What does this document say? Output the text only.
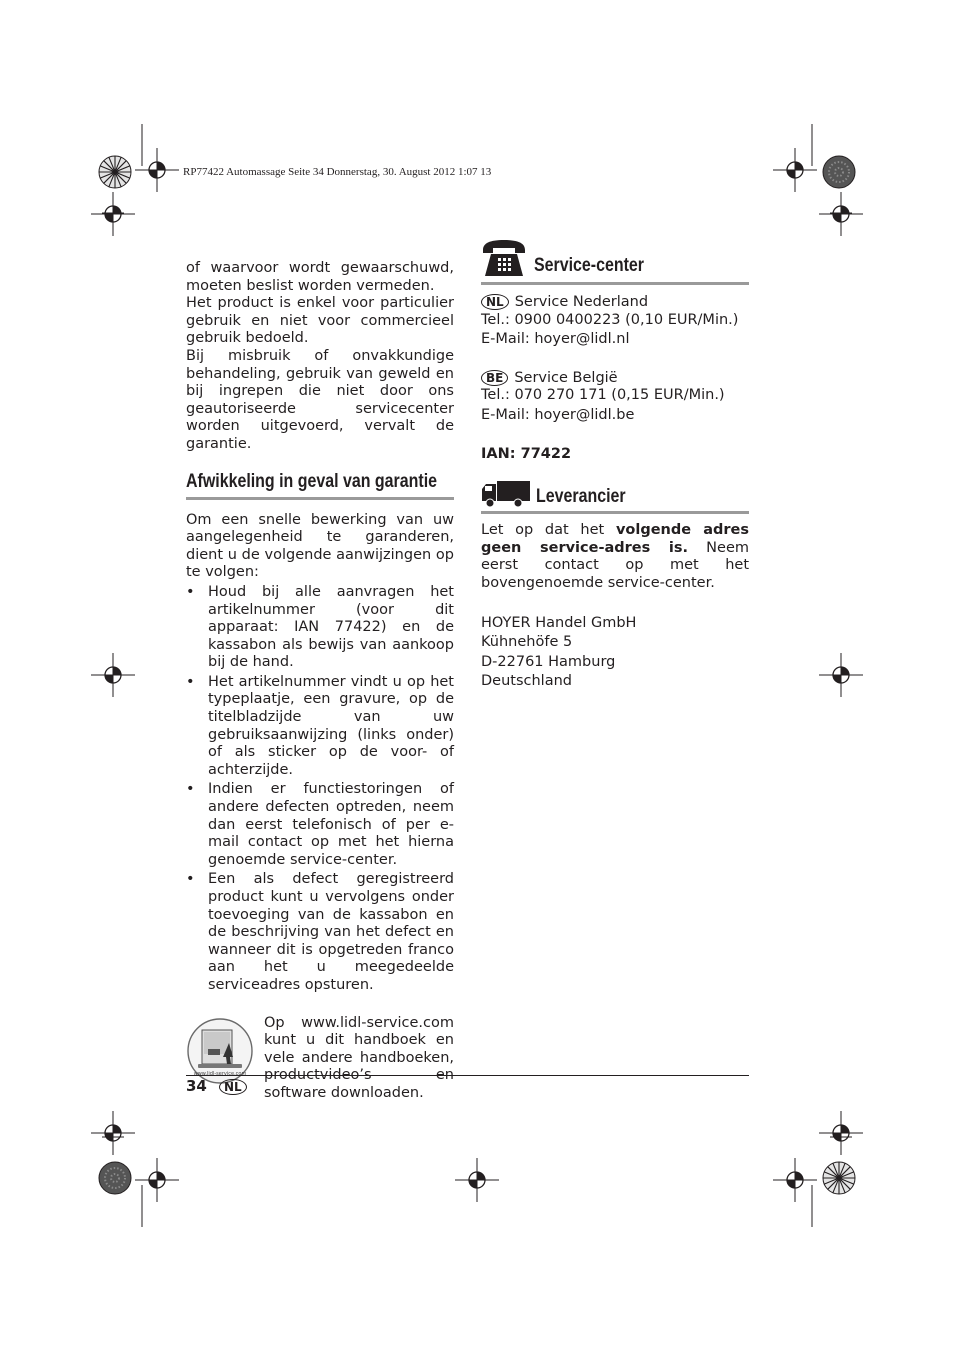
RP77422 Automassage Seite 34 Donnerstag, 30. August 2012 1:07 13

of waarvoor wordt gewaarschuwd, moeten beslist worden vermeden.

Het product is enkel voor particulier gebruik en niet voor commercieel gebruik bedoeld.

Bij misbruik of onvakkundige behandeling, gebruik van geweld en bij ingrepen die niet door ons geautoriseerde servicecenter worden uitgevoerd, vervalt de garantie.

Afwikkeling in geval van garantie

Om een snelle bewerking van uw aangelegenheid te garanderen, dient u de volgende aanwijzingen op te volgen:

• Houd bij alle aanvragen het artikelnummer (voor dit apparaat: IAN 77422) en de kassabon als bewijs van aankoop bij de hand.
• Het artikelnummer vindt u op het typeplaatje, een gravure, op de titelbladzijde van uw gebruiksaanwijzing (links onder) of als sticker op de voor- of achterzijde.
• Indien er functiestoringen of andere defecten optreden, neem dan eerst telefonisch of per e-mail contact op met het hierna genoemde service-center.
• Een als defect geregistreerd product kunt u vervolgens onder toevoeging van de kassabon en de beschrijving van het defect en wanneer dit is opgetreden franco aan het u meegedeelde serviceadres opsturen.
www.lidl-service.com

Op www.lidl-service.com kunt u dit handboek en vele andere handboeken, productvideo’s en software downloaden.

Service-center
NL Service Nederland
Tel.: 0900 0400223 (0,10 EUR/Min.)
E-Mail: hoyer@lidl.nl
BE Service België
Tel.: 070 270 171 (0,15 EUR/Min.)
E-Mail: hoyer@lidl.be
IAN: 77422
Leverancier

Let op dat het volgende adres geen service-adres is. Neem eerst contact op met het bovengenoemde service-center.

HOYER Handel GmbH
Kühnehöfe 5
D-22761 Hamburg
Deutschland
34	NL
